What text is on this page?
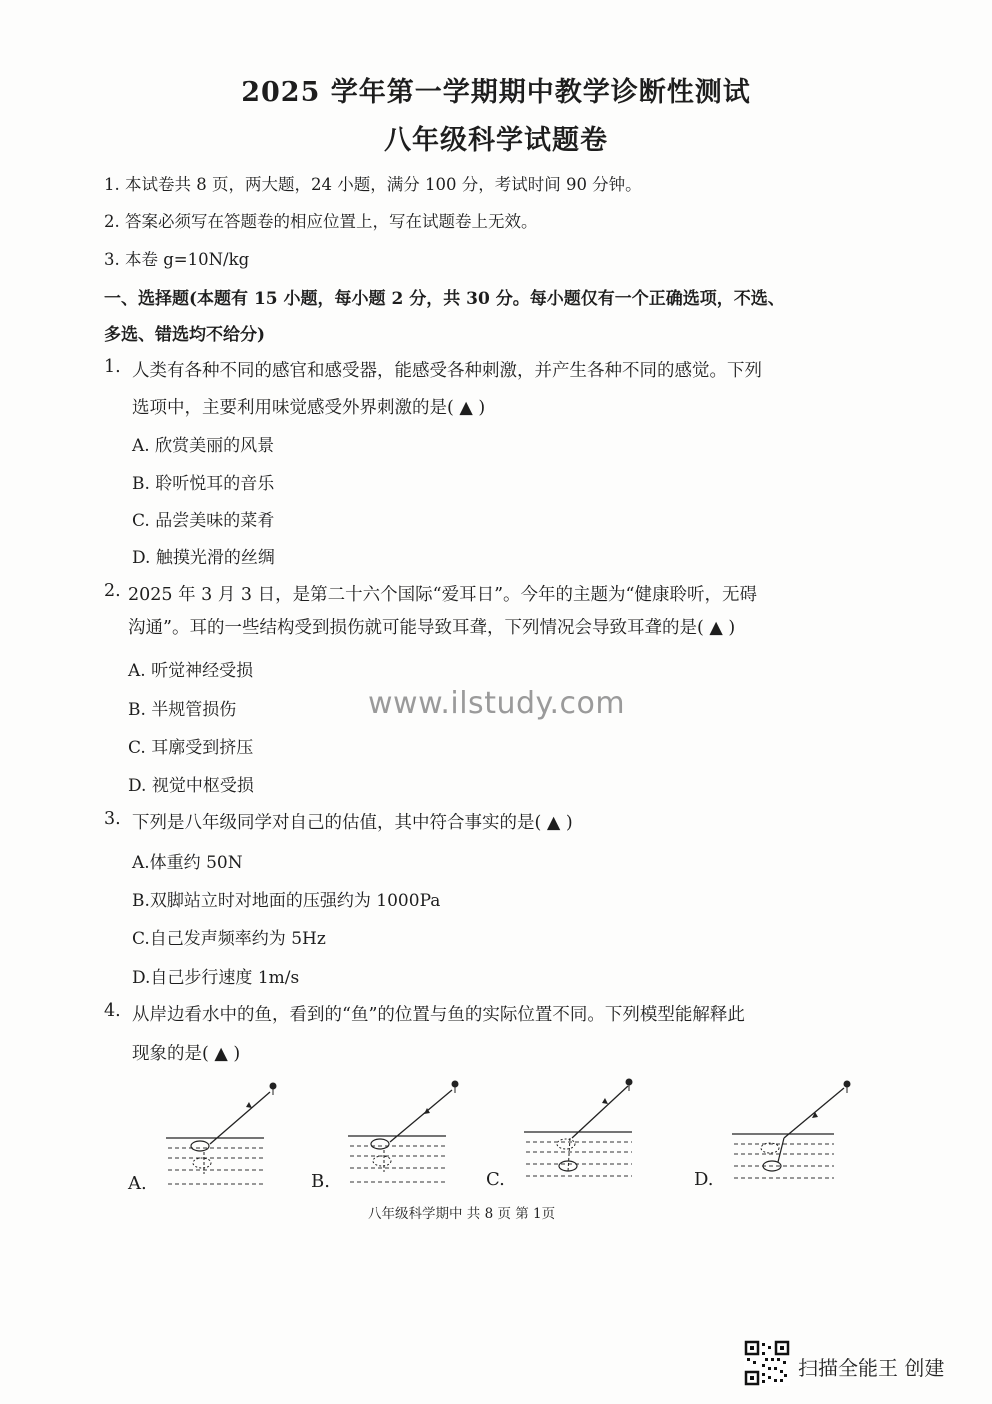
2025 学年第一学期期中教学诊断性测试
八年级科学试题卷
1. 本试卷共 8 页，两大题，24 小题，满分 100 分，考试时间 90 分钟。
2. 答案必须写在答题卷的相应位置上，写在试题卷上无效。
3. 本卷 g=10N/kg
一、选择题(本题有 15 小题，每小题 2 分，共 30 分。每小题仅有一个正确选项，不选、
多选、错选均不给分)
1. 人类有各种不同的感官和感受器，能感受各种刺激，并产生各种不同的感觉。下列
选项中，主要利用味觉感受外界刺激的是( ▲ )
A. 欣赏美丽的风景
B. 聆听悦耳的音乐
C. 品尝美味的菜肴
D. 触摸光滑的丝绸
2. 2025 年 3 月 3 日，是第二十六个国际“爱耳日”。今年的主题为“健康聆听，无碍
沟通”。耳的一些结构受到损伤就可能导致耳聋，下列情况会导致耳聋的是( ▲ )
A. 听觉神经受损
B. 半规管损伤
C. 耳廓受到挤压
D. 视觉中枢受损
www.ilstudy.com
3. 下列是八年级同学对自己的估值，其中符合事实的是( ▲ )
A.体重约 50N
B.双脚站立时对地面的压强约为 1000Pa
C.自己发声频率约为 5Hz
D.自己步行速度 1m/s
4. 从岸边看水中的鱼，看到的“鱼”的位置与鱼的实际位置不同。下列模型能解释此
现象的是( ▲ )
A.	B.	C.	D.
八年级科学期中 共 8 页 第 1页
扫描全能王 创建
